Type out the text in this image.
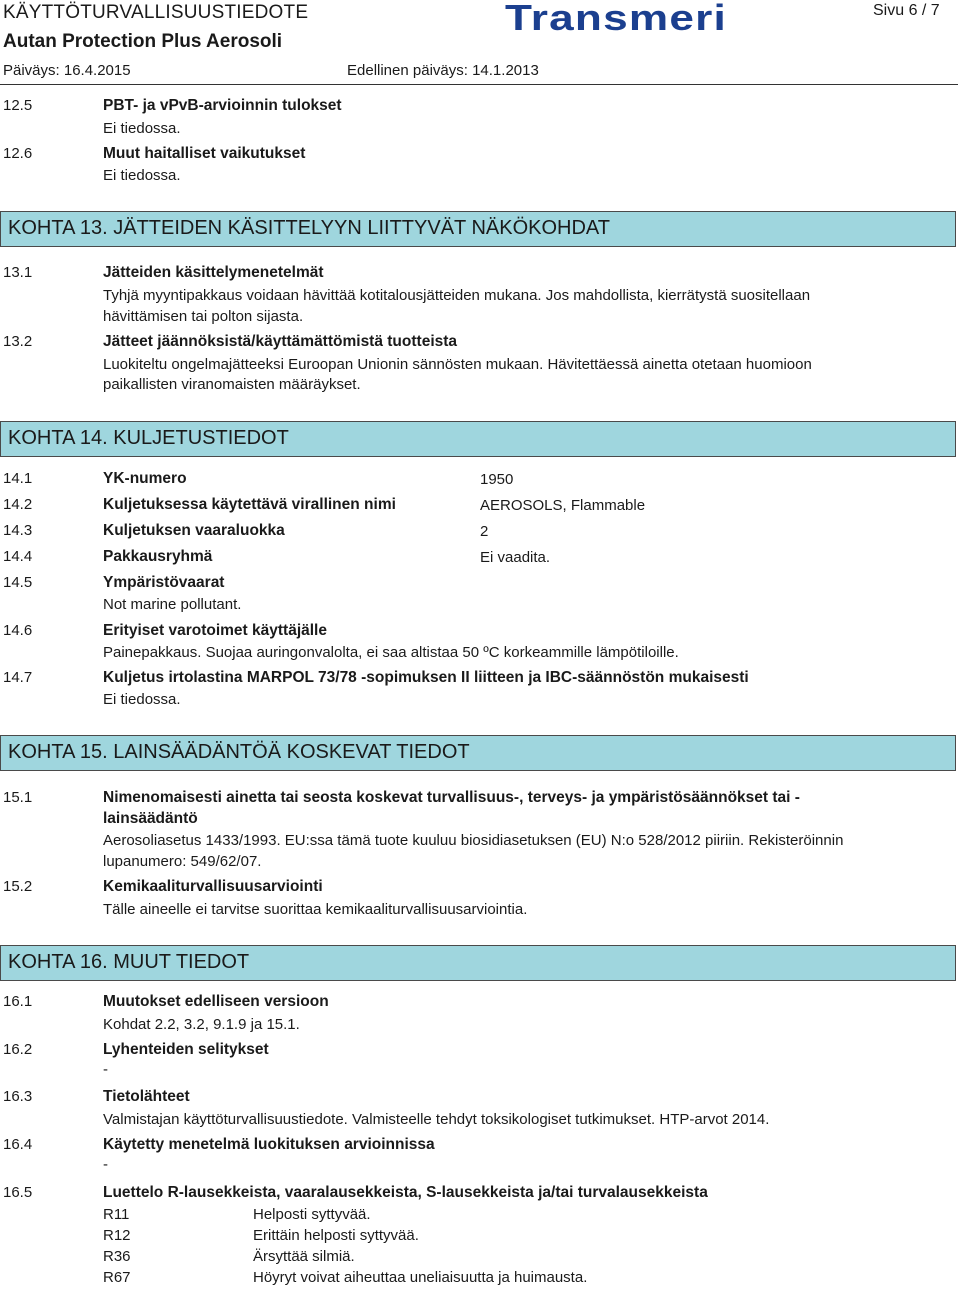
KÄYTTÖTURVALLISUUSTIEDOTE
Autan Protection Plus Aerosoli
Päiväys: 16.4.2015	Edellinen päiväys: 14.1.2013
Sivu 6 / 7
Transmeri
12.5	PBT- ja vPvB-arvioinnin tulokset
Ei tiedossa.
12.6	Muut haitalliset vaikutukset
Ei tiedossa.
KOHTA 13. JÄTTEIDEN KÄSITTELYYN LIITTYVÄT NÄKÖKOHDAT
13.1	Jätteiden käsittelymenetelmät
Tyhjä myyntipakkaus voidaan hävittää kotitalousjätteiden mukana. Jos mahdollista, kierrätystä suositellaan
hävittämisen tai polton sijasta.
13.2	Jätteet jäännöksistä/käyttämättömistä tuotteista
Luokiteltu ongelmajätteeksi Euroopan Unionin sännösten mukaan. Hävitettäessä ainetta otetaan huomioon
paikallisten viranomaisten määräykset.
KOHTA 14. KULJETUSTIEDOT
14.1	YK-numero	1950
14.2	Kuljetuksessa käytettävä virallinen nimi	AEROSOLS, Flammable
14.3	Kuljetuksen vaaraluokka	2
14.4	Pakkausryhmä	Ei vaadita.
14.5	Ympäristövaarat
Not marine pollutant.
14.6	Erityiset varotoimet käyttäjälle
Painepakkaus. Suojaa auringonvalolta, ei saa altistaa 50 ºC korkeammille lämpötiloille.
14.7	Kuljetus irtolastina MARPOL 73/78 -sopimuksen II liitteen ja IBC-säännöstön mukaisesti
Ei tiedossa.
KOHTA 15. LAINSÄÄDÄNTÖÄ KOSKEVAT TIEDOT
15.1	Nimenomaisesti ainetta tai seosta koskevat turvallisuus-, terveys- ja ympäristösäännökset tai -
lainsäädäntö
Aerosoliasetus 1433/1993. EU:ssa tämä tuote kuuluu biosidiasetuksen (EU) N:o 528/2012 piiriin. Rekisteröinnin
lupanumero: 549/62/07.
15.2	Kemikaaliturvallisuusarviointi
Tälle aineelle ei tarvitse suorittaa kemikaaliturvallisuusarviointia.
KOHTA 16. MUUT TIEDOT
16.1	Muutokset edelliseen versioon
Kohdat 2.2, 3.2, 9.1.9 ja 15.1.
16.2	Lyhenteiden selitykset
-
16.3	Tietolähteet
Valmistajan käyttöturvallisuustiedote. Valmisteelle tehdyt toksikologiset tutkimukset. HTP-arvot 2014.
16.4	Käytetty menetelmä luokituksen arvioinnissa
-
16.5	Luettelo R-lausekkeista, vaaralausekkeista, S-lausekkeista ja/tai turvalausekkeista
R11	Helposti syttyvää.
R12	Erittäin helposti syttyvää.
R36	Ärsyttää silmiä.
R67	Höyryt voivat aiheuttaa uneliaisuutta ja huimausta.
